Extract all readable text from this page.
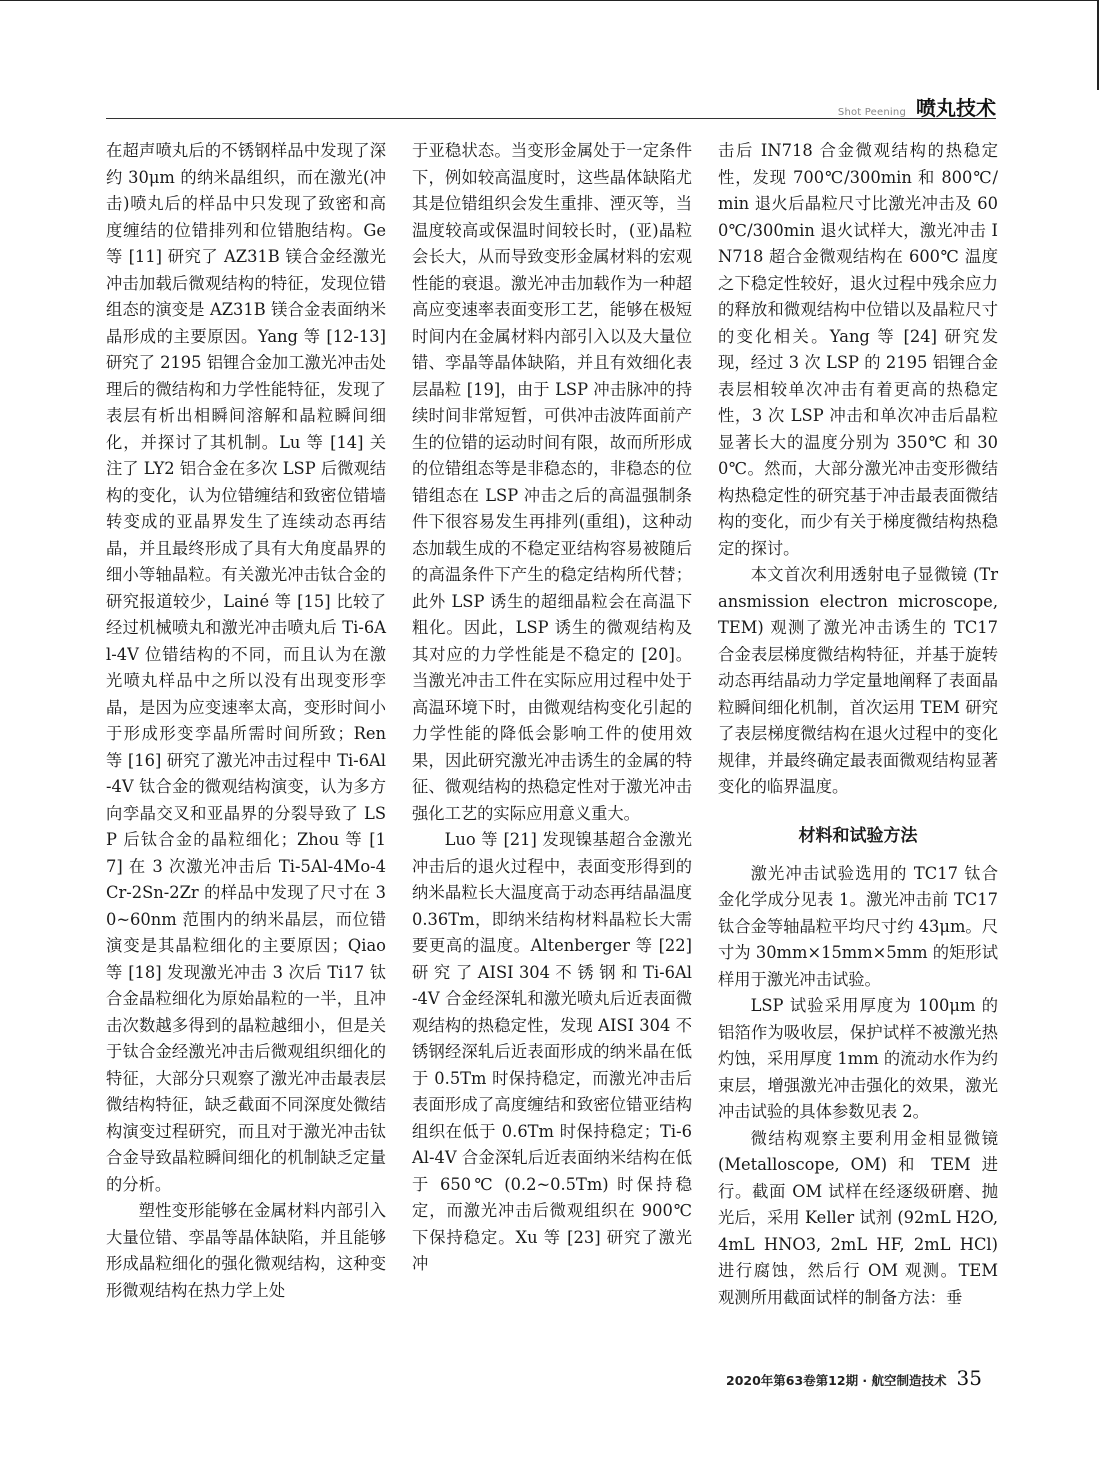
Shot Peening 喷丸技术

在超声喷丸后的不锈钢样品中发现了深约 30μm 的纳米晶组织，而在激光(冲击)喷丸后的样品中只发现了致密和高度缠结的位错排列和位错胞结构。Ge 等 [11] 研究了 AZ31B 镁合金经激光冲击加载后微观结构的特征，发现位错组态的演变是 AZ31B 镁合金表面纳米晶形成的主要原因。Yang 等 [12-13] 研究了 2195 铝锂合金加工激光冲击处理后的微结构和力学性能特征，发现了表层有析出相瞬间溶解和晶粒瞬间细化，并探讨了其机制。Lu 等 [14] 关注了 LY2 铝合金在多次 LSP 后微观结构的变化，认为位错缠结和致密位错墙转变成的亚晶界发生了连续动态再结晶，并且最终形成了具有大角度晶界的细小等轴晶粒。有关激光冲击钛合金的研究报道较少，Lainé 等 [15] 比较了经过机械喷丸和激光冲击喷丸后 Ti-6Al-4V 位错结构的不同，而且认为在激光喷丸样品中之所以没有出现变形孪晶，是因为应变速率太高，变形时间小于形成形变孪晶所需时间所致；Ren 等 [16] 研究了激光冲击过程中 Ti-6Al-4V 钛合金的微观结构演变，认为多方向孪晶交叉和亚晶界的分裂导致了 LSP 后钛合金的晶粒细化；Zhou 等 [17] 在 3 次激光冲击后 Ti-5Al-4Mo-4Cr-2Sn-2Zr 的样品中发现了尺寸在 30~60nm 范围内的纳米晶层，而位错演变是其晶粒细化的主要原因；Qiao 等 [18] 发现激光冲击 3 次后 Ti17 钛合金晶粒细化为原始晶粒的一半，且冲击次数越多得到的晶粒越细小，但是关于钛合金经激光冲击后微观组织细化的特征，大部分只观察了激光冲击最表层微结构特征，缺乏截面不同深度处微结构演变过程研究，而且对于激光冲击钛合金导致晶粒瞬间细化的机制缺乏定量的分析。

塑性变形能够在金属材料内部引入大量位错、孪晶等晶体缺陷，并且能够形成晶粒细化的强化微观结构，这种变形微观结构在热力学上处

于亚稳状态。当变形金属处于一定条件下，例如较高温度时，这些晶体缺陷尤其是位错组织会发生重排、湮灭等，当温度较高或保温时间较长时，(亚)晶粒会长大，从而导致变形金属材料的宏观性能的衰退。激光冲击加载作为一种超高应变速率表面变形工艺，能够在极短时间内在金属材料内部引入以及大量位错、孪晶等晶体缺陷，并且有效细化表层晶粒 [19]，由于 LSP 冲击脉冲的持续时间非常短暂，可供冲击波阵面前产生的位错的运动时间有限，故而所形成的位错组态等是非稳态的，非稳态的位错组态在 LSP 冲击之后的高温强制条件下很容易发生再排列(重组)，这种动态加载生成的不稳定亚结构容易被随后的高温条件下产生的稳定结构所代替；此外 LSP 诱生的超细晶粒会在高温下粗化。因此，LSP 诱生的微观结构及其对应的力学性能是不稳定的 [20]。当激光冲击工件在实际应用过程中处于高温环境下时，由微观结构变化引起的力学性能的降低会影响工件的使用效果，因此研究激光冲击诱生的金属的特征、微观结构的热稳定性对于激光冲击强化工艺的实际应用意义重大。

Luo 等 [21] 发现镍基超合金激光冲击后的退火过程中，表面变形得到的纳米晶粒长大温度高于动态再结晶温度 0.36Tm，即纳米结构材料晶粒长大需要更高的温度。Altenberger 等 [22] 研 究 了 AISI 304 不 锈 钢 和 Ti-6Al-4V 合金经深轧和激光喷丸后近表面微观结构的热稳定性，发现 AISI 304 不锈钢经深轧后近表面形成的纳米晶在低于 0.5Tm 时保持稳定，而激光冲击后表面形成了高度缠结和致密位错亚结构组织在低于 0.6Tm 时保持稳定；Ti-6Al-4V 合金深轧后近表面纳米结构在低于 650℃ (0.2~0.5Tm) 时保持稳定，而激光冲击后微观组织在 900℃ 下保持稳定。Xu 等 [23] 研究了激光冲

击后 IN718 合金微观结构的热稳定性，发现 700℃/300min 和 800℃/min 退火后晶粒尺寸比激光冲击及 600℃/300min 退火试样大，激光冲击 IN718 超合金微观结构在 600℃ 温度之下稳定性较好，退火过程中残余应力的释放和微观结构中位错以及晶粒尺寸的变化相关。Yang 等 [24] 研究发现，经过 3 次 LSP 的 2195 铝锂合金表层相较单次冲击有着更高的热稳定性，3 次 LSP 冲击和单次冲击后晶粒显著长大的温度分别为 350℃ 和 300℃。然而，大部分激光冲击变形微结构热稳定性的研究基于冲击最表面微结构的变化，而少有关于梯度微结构热稳定的探讨。

本文首次利用透射电子显微镜 (Transmission electron microscope, TEM) 观测了激光冲击诱生的 TC17 合金表层梯度微结构特征，并基于旋转动态再结晶动力学定量地阐释了表面晶粒瞬间细化机制，首次运用 TEM 研究了表层梯度微结构在退火过程中的变化规律，并最终确定最表面微观结构显著变化的临界温度。

材料和试验方法

激光冲击试验选用的 TC17 钛合金化学成分见表 1。激光冲击前 TC17 钛合金等轴晶粒平均尺寸约 43μm。尺寸为 30mm×15mm×5mm 的矩形试样用于激光冲击试验。

LSP 试验采用厚度为 100μm 的铝箔作为吸收层，保护试样不被激光热灼蚀，采用厚度 1mm 的流动水作为约束层，增强激光冲击强化的效果，激光冲击试验的具体参数见表 2。

微结构观察主要利用金相显微镜 (Metalloscope, OM) 和 TEM 进行。截面 OM 试样在经逐级研磨、抛光后，采用 Keller 试剂 (92mL H2O, 4mL HNO3, 2mL HF, 2mL HCl) 进行腐蚀，然后行 OM 观测。TEM 观测所用截面试样的制备方法：垂

2020年第63卷第12期 · 航空制造技术 35
